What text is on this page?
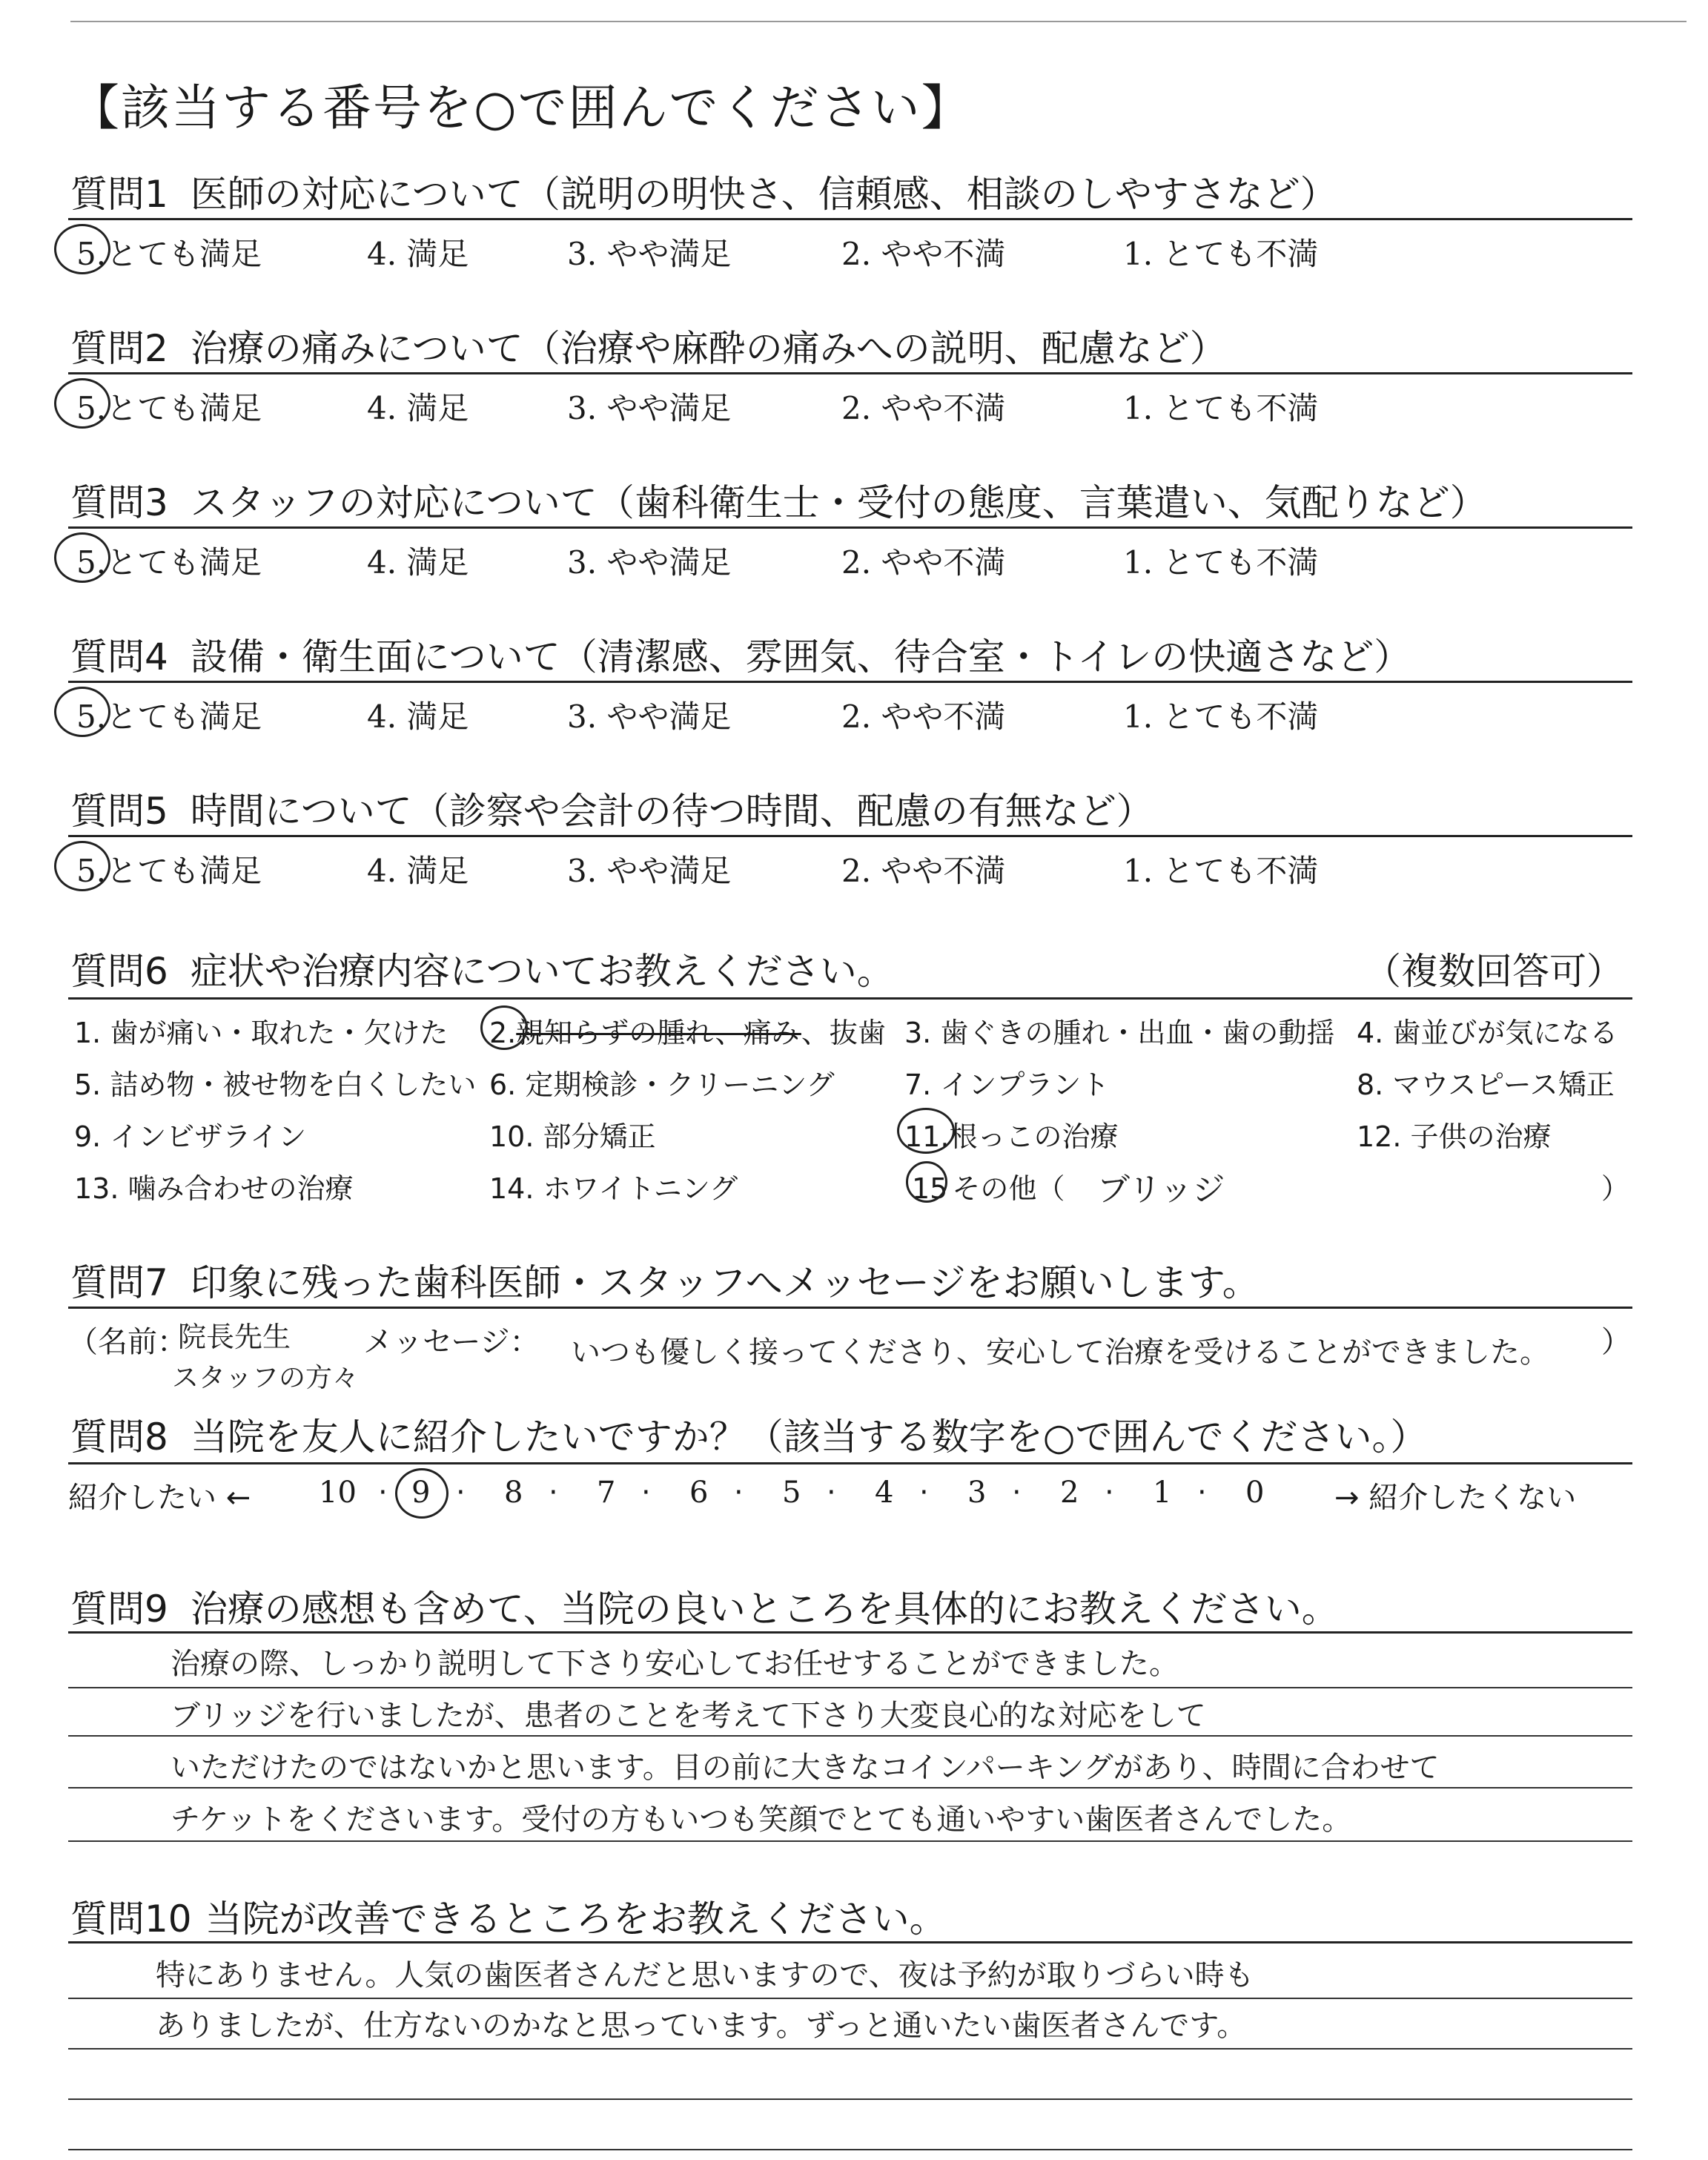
【該当する番号を○で囲んでください】
質問1 医師の対応について（説明の明快さ、信頼感、相談のしやすさなど）
5.とても満足	4. 満足	3. やや満足	2. やや不満	1. とても不満
質問2 治療の痛みについて（治療や麻酔の痛みへの説明、配慮など）
5.とても満足	4. 満足	3. やや満足	2. やや不満	1. とても不満
質問3 スタッフの対応について（歯科衛生士・受付の態度、言葉遣い、気配りなど）
5.とても満足	4. 満足	3. やや満足	2. やや不満	1. とても不満
質問4 設備・衛生面について（清潔感、雰囲気、待合室・トイレの快適さなど）
5.とても満足	4. 満足	3. やや満足	2. やや不満	1. とても不満
質問5 時間について（診察や会計の待つ時間、配慮の有無など）
5.とても満足	4. 満足	3. やや満足	2. やや不満	1. とても不満
質問6 症状や治療内容についてお教えください。	（複数回答可）
1. 歯が痛い・取れた・欠けた 2.親知らずの腫れ、痛み、抜歯 3. 歯ぐきの腫れ・出血・歯の動揺 4. 歯並びが気になる
5. 詰め物・被せ物を白くしたい 6. 定期検診・クリーニング 7. インプラント	8. マウスピース矯正
9. インビザライン	10. 部分矯正	11.根っこの治療	12. 子供の治療
13. 噛み合わせの治療	14. ホワイトニング	15 その他（ ブリッジ	）
質問7 印象に残った歯科医師・スタッフへメッセージをお願いします。
（名前：
院長先生
スタッフの方々
メッセージ： いつも優しく接ってくださり、安心して治療を受けることができました。 ）
質問8 当院を友人に紹介したいですか？（該当する数字を○で囲んでください。）
紹介したい ← 10 · 9 · 8 · 7 · 6 · 5 · 4 · 3 · 2 · 1 · 0 → 紹介したくない
質問9 治療の感想も含めて、当院の良いところを具体的にお教えください。
治療の際、しっかり説明して下さり安心してお任せすることができました。
ブリッジを行いましたが、患者のことを考えて下さり大変良心的な対応をして
いただけたのではないかと思います。目の前に大きなコインパーキングがあり、時間に合わせて
チケットをくださいます。受付の方もいつも笑顔でとても通いやすい歯医者さんでした。
質問10 当院が改善できるところをお教えください。
特にありません。人気の歯医者さんだと思いますので、夜は予約が取りづらい時も
ありましたが、仕方ないのかなと思っています。ずっと通いたい歯医者さんです。
